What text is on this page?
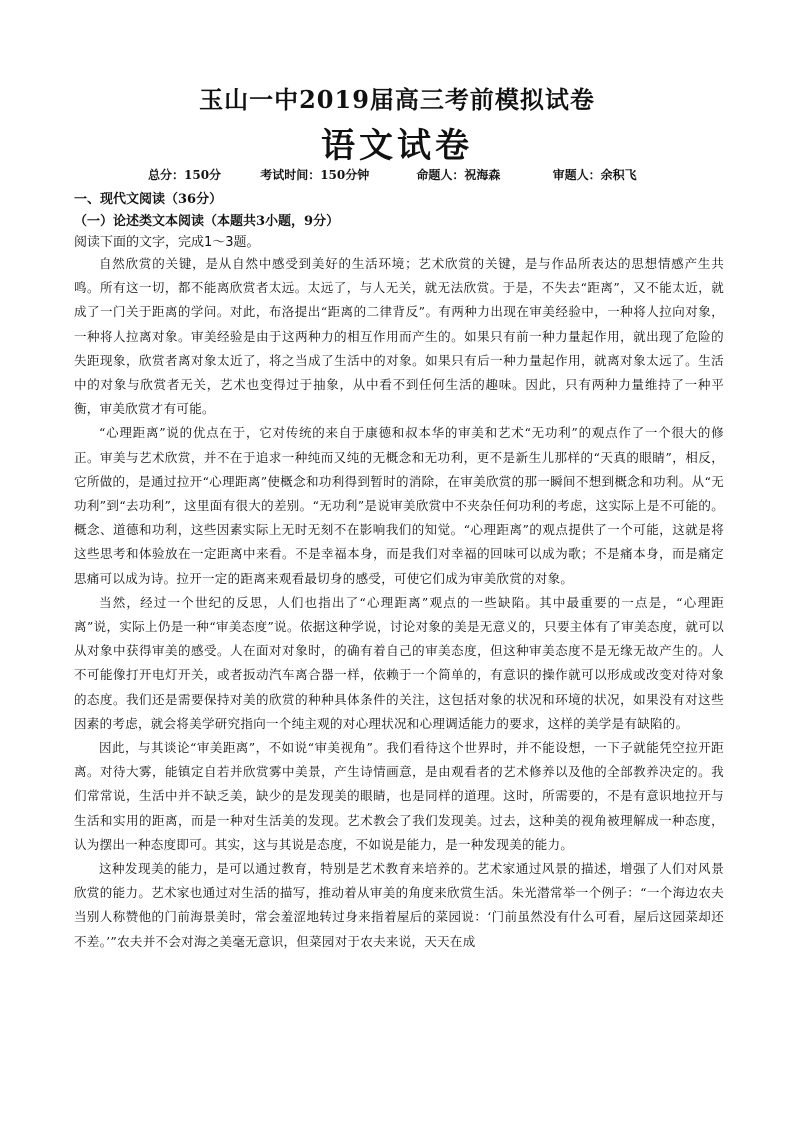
玉山一中2019届高三考前模拟试卷
语文试卷
总分：150分	考试时间：150分钟	命题人：祝海森	审题人：余积飞
一、现代文阅读（36分）
（一）论述类文本阅读（本题共3小题，9分）
阅读下面的文字，完成1～3题。

自然欣赏的关键，是从自然中感受到美好的生活环境；艺术欣赏的关键，是与作品所表达的思想情感产生共鸣。所有这一切，都不能离欣赏者太远。太远了，与人无关，就无法欣赏。于是，不失去“距离”，又不能太近，就成了一门关于距离的学问。对此，布洛提出“距离的二律背反”。有两种力出现在审美经验中，一种将人拉向对象，一种将人拉离对象。审美经验是由于这两种力的相互作用而产生的。如果只有前一种力量起作用，就出现了危险的失距现象，欣赏者离对象太近了，将之当成了生活中的对象。如果只有后一种力量起作用，就离对象太远了。生活中的对象与欣赏者无关，艺术也变得过于抽象，从中看不到任何生活的趣味。因此，只有两种力量维持了一种平衡，审美欣赏才有可能。

“心理距离”说的优点在于，它对传统的来自于康德和叔本华的审美和艺术“无功利”的观点作了一个很大的修正。审美与艺术欣赏，并不在于追求一种纯而又纯的无概念和无功利，更不是新生儿那样的“天真的眼睛”，相反，它所做的，是通过拉开“心理距离”使概念和功利得到暂时的消除，在审美欣赏的那一瞬间不想到概念和功利。从“无功利”到“去功利”，这里面有很大的差别。“无功利”是说审美欣赏中不夹杂任何功利的考虑，这实际上是不可能的。概念、道德和功利，这些因素实际上无时无刻不在影响我们的知觉。“心理距离”的观点提供了一个可能，这就是将这些思考和体验放在一定距离中来看。不是幸福本身，而是我们对幸福的回味可以成为歌；不是痛本身，而是痛定思痛可以成为诗。拉开一定的距离来观看最切身的感受，可使它们成为审美欣赏的对象。

当然，经过一个世纪的反思，人们也指出了“心理距离”观点的一些缺陷。其中最重要的一点是，“心理距离”说，实际上仍是一种“审美态度”说。依据这种学说，讨论对象的美是无意义的，只要主体有了审美态度，就可以从对象中获得审美的感受。人在面对对象时，的确有着自己的审美态度，但这种审美态度不是无缘无故产生的。人不可能像打开电灯开关，或者扳动汽车离合器一样，依赖于一个简单的，有意识的操作就可以形成或改变对待对象的态度。我们还是需要保持对美的欣赏的种种具体条件的关注，这包括对象的状况和环境的状况，如果没有对这些因素的考虑，就会将美学研究指向一个纯主观的对心理状况和心理调适能力的要求，这样的美学是有缺陷的。

因此，与其谈论“审美距离”，不如说“审美视角”。我们看待这个世界时，并不能设想，一下子就能凭空拉开距离。对待大雾，能镇定自若并欣赏雾中美景，产生诗情画意，是由观看者的艺术修养以及他的全部教养决定的。我们常常说，生活中并不缺乏美，缺少的是发现美的眼睛，也是同样的道理。这时，所需要的，不是有意识地拉开与生活和实用的距离，而是一种对生活美的发现。艺术教会了我们发现美。过去，这种美的视角被理解成一种态度，认为摆出一种态度即可。其实，这与其说是态度，不如说是能力，是一种发现美的能力。

这种发现美的能力，是可以通过教育，特别是艺术教育来培养的。艺术家通过风景的描述，增强了人们对风景欣赏的能力。艺术家也通过对生活的描写，推动着从审美的角度来欣赏生活。朱光潜常举一个例子：“一个海边农夫当别人称赞他的门前海景美时，常会羞涩地转过身来指着屋后的菜园说：‘门前虽然没有什么可看，屋后这园菜却还不差。’”农夫并不会对海之美毫无意识，但菜园对于农夫来说，天天在成
